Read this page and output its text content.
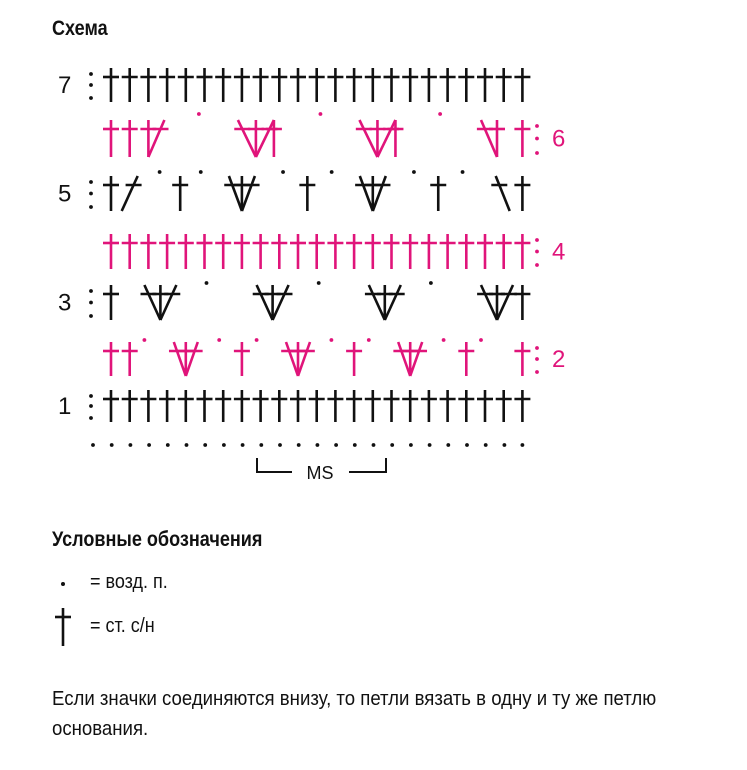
Схема
1
2
3
4
5
6
7
MS
Условные обозначения
= возд. п.
= ст. с/н
Если значки соединяются внизу, то петли вязать в одну и ту же петлю основания.
